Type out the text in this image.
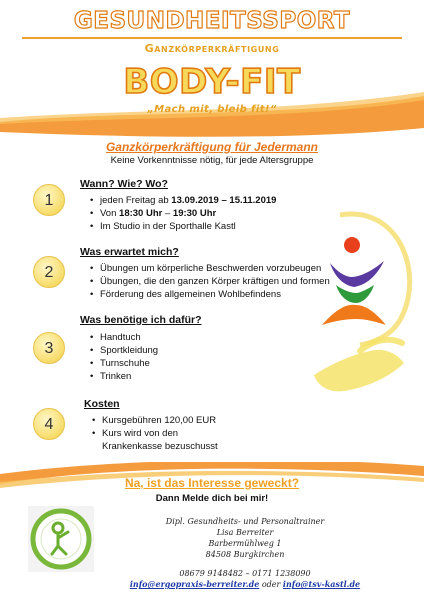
GESUNDHEITSSPORT
Ganzkörperkräftigung
BODY-FIT
„Mach mit, bleib fit!“
Ganzkörperkräftigung für Jedermann
Keine Vorkenntnisse nötig, für jede Altersgruppe
1
Wann? Wie? Wo?
• jeden Freitag ab 13.09.2019 – 15.11.2019
• Von 18:30 Uhr – 19:30 Uhr
• Im Studio in der Sporthalle Kastl
2
Was erwartet mich?
• Übungen um körperliche Beschwerden vorzubeugen
• Übungen, die den ganzen Körper kräftigen und formen
• Förderung des allgemeinen Wohlbefindens
3
Was benötige ich dafür?
• Handtuch
• Sportkleidung
• Turnschuhe
• Trinken
4
Kosten
• Kursgebühren 120,00 EUR
• Kurs wird von den
Krankenkasse bezuschusst
Na, ist das Interesse geweckt?
Dann Melde dich bei mir!
Dipl. Gesundheits- und Personaltrainer
Lisa Berreiter
Barbermühlweg 1
84508 Burgkirchen
08679 9148482 – 0171 1238090
info@ergopraxis-berreiter.de oder info@tsv-kastl.de
